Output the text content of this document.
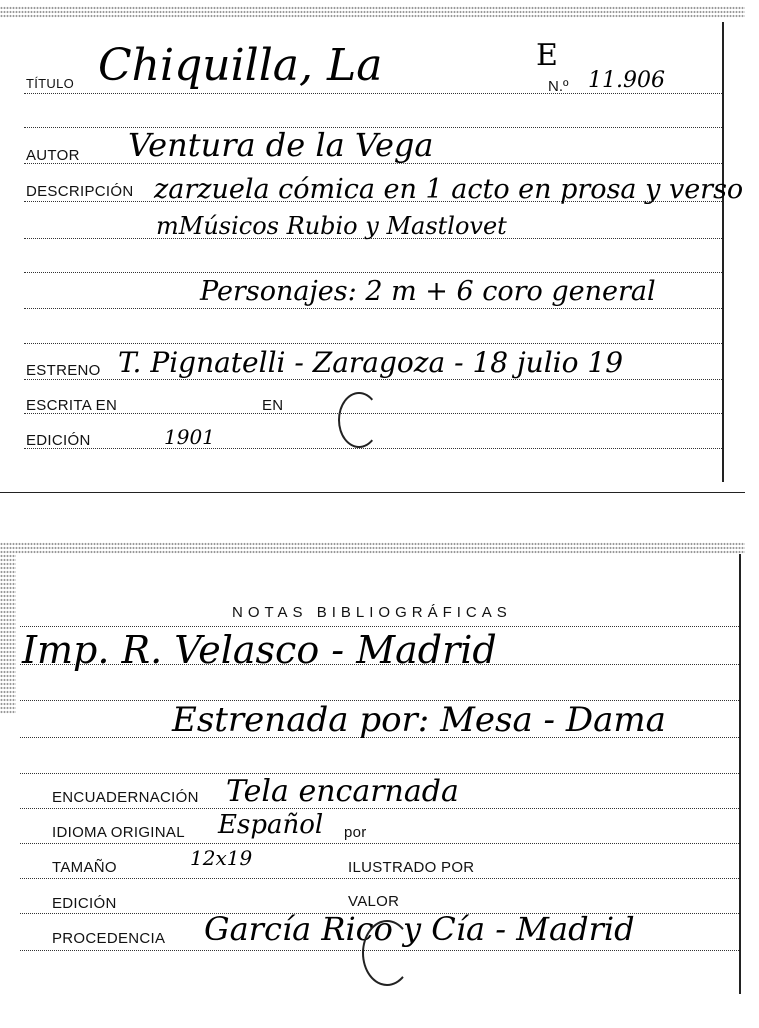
TÍTULO Chiquilla, La	E
N.º 11.906
AUTOR Ventura de la Vega
DESCRIPCIÓN zarzuela cómica en 1 acto en prosa y verso
mMúsicos Rubio y Mastlovet
Personajes: 2 m + 6 coro general
ESTRENO T. Pignatelli - Zaragoza - 18 julio 19
ESCRITA EN	EN
EDICIÓN	1901
NOTAS BIBLIOGRÁFICAS
Imp. R. Velasco - Madrid
Estrenada por: Mesa - Dama
ENCUADERNACIÓN Tela encarnada
IDIOMA ORIGINAL Español por
TAMAÑO	12x19	ILUSTRADO POR
EDICIÓN	VALOR
PROCEDENCIA García Rico y Cía - Madrid
